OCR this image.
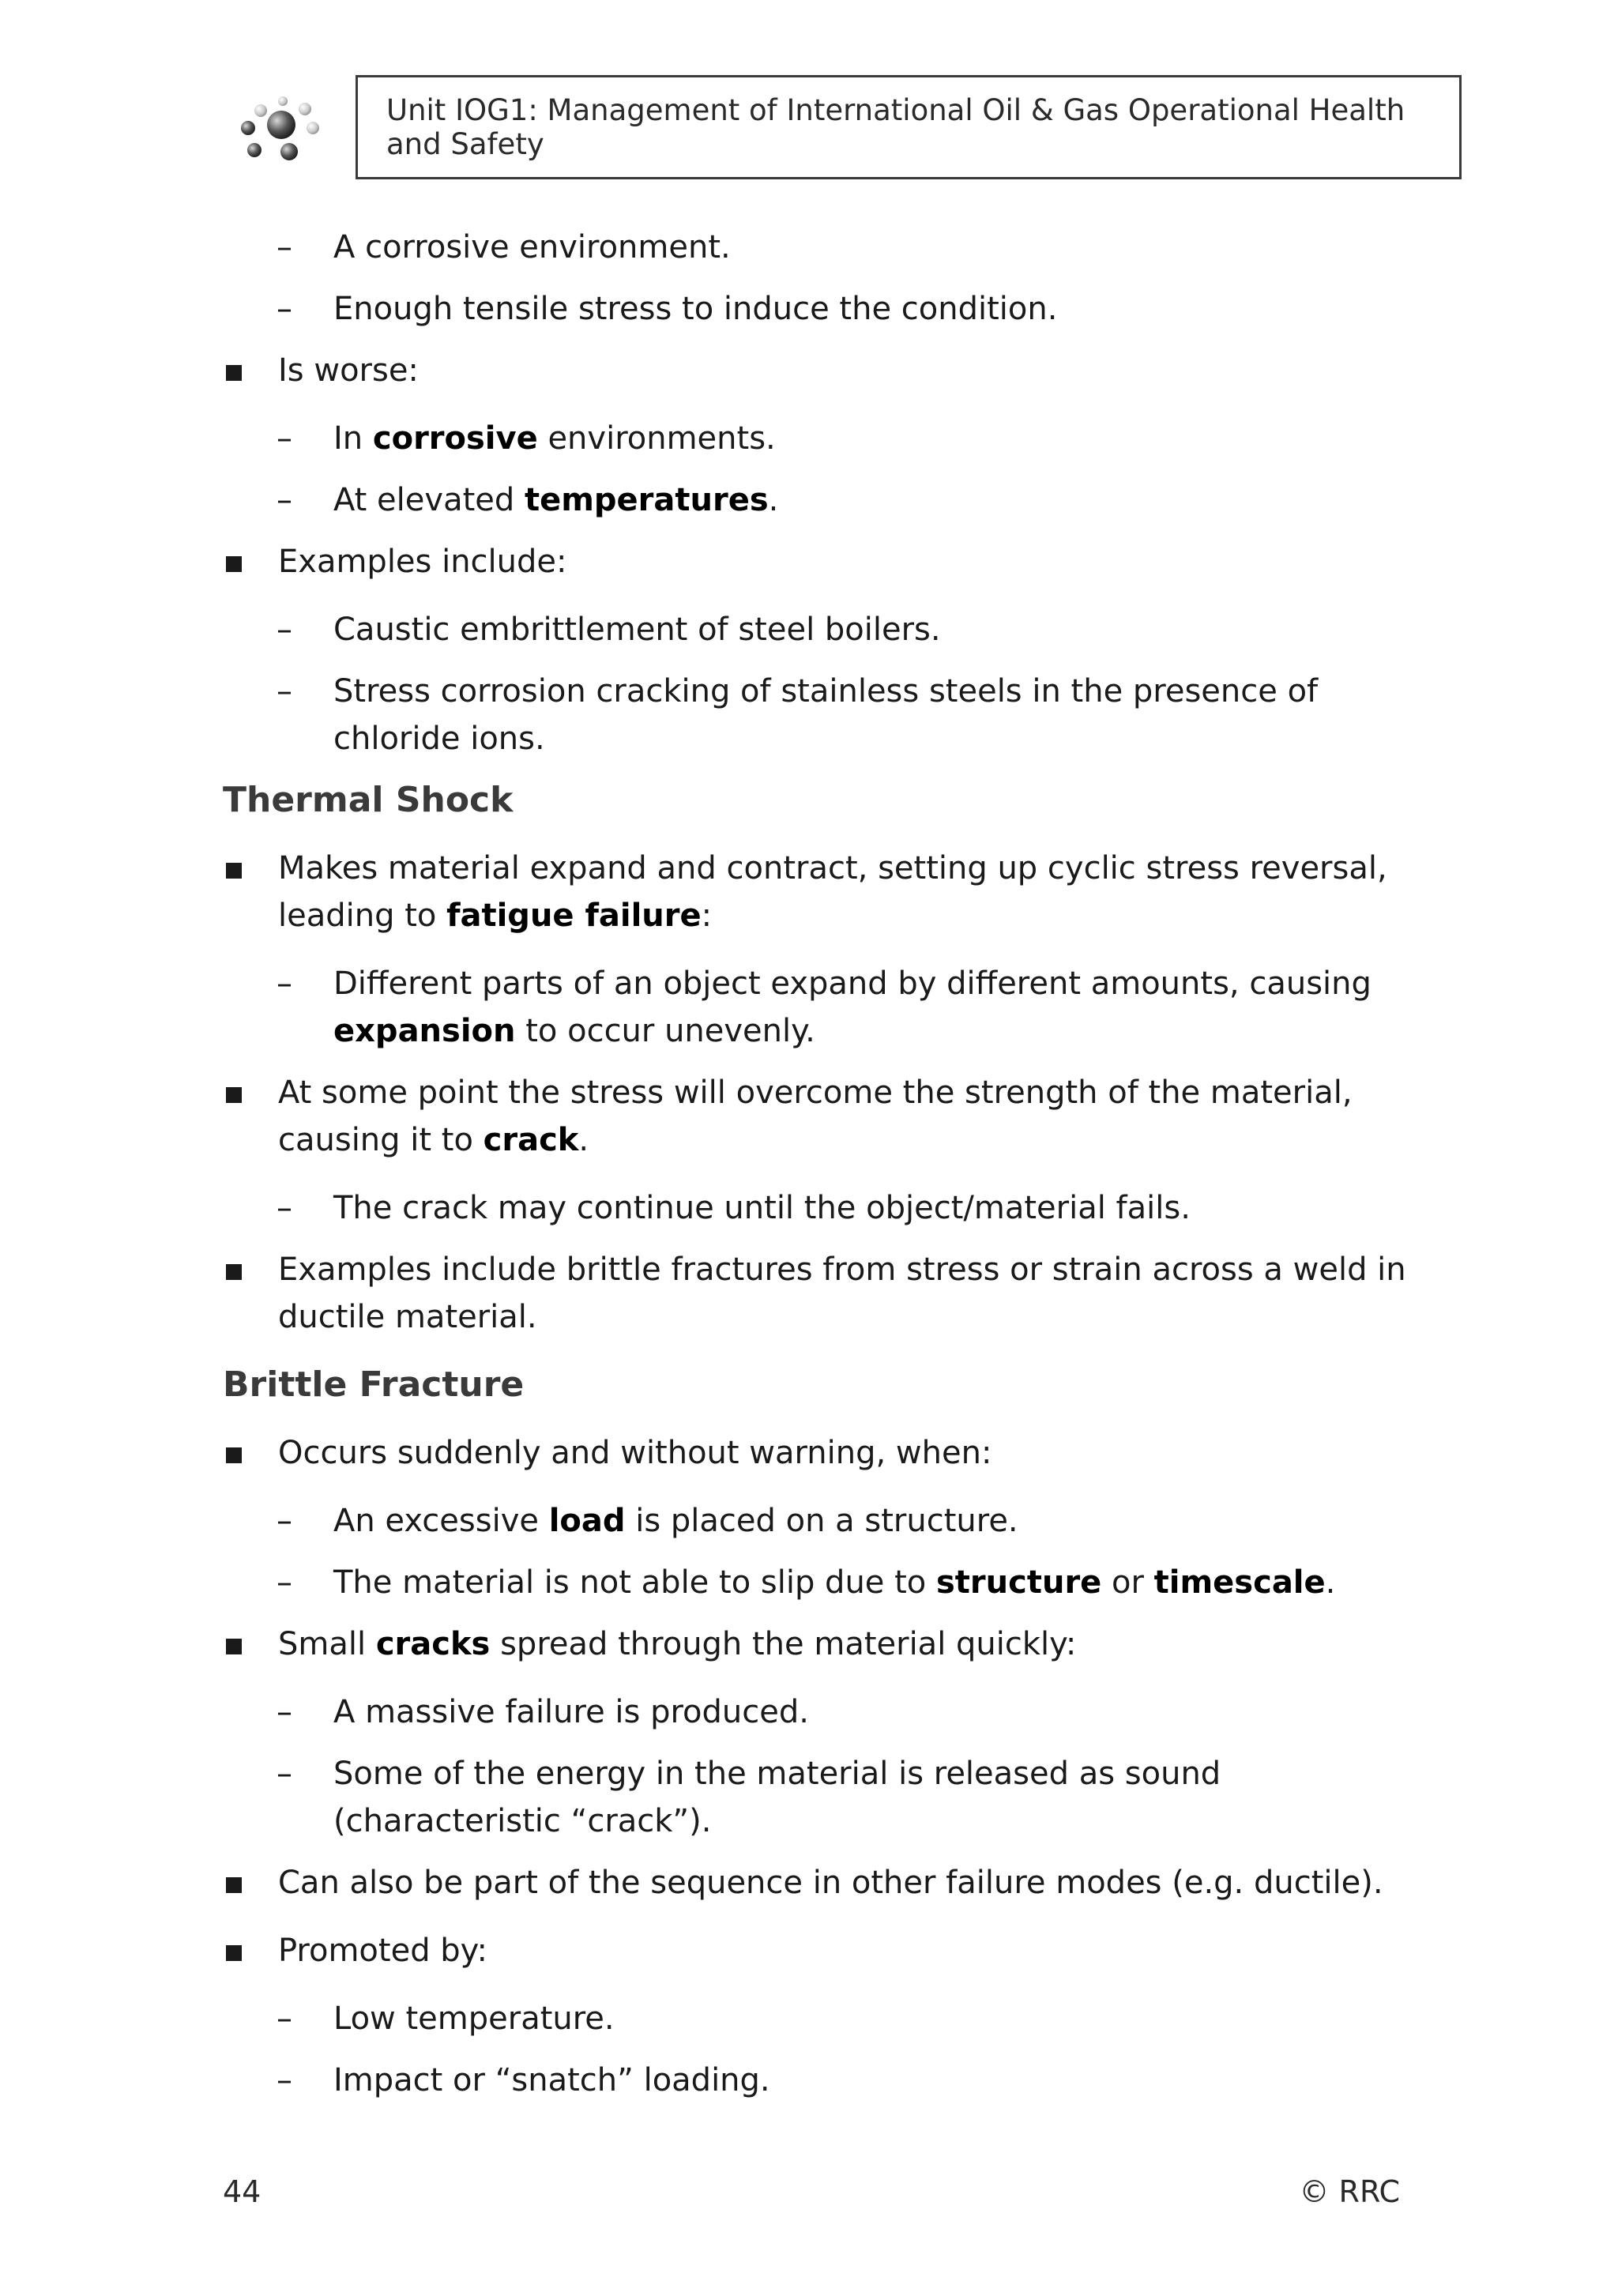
Unit IOG1: Management of International Oil & Gas Operational Health and Safety
– A corrosive environment.
– Enough tensile stress to induce the condition.
Is worse:
– In corrosive environments.
– At elevated temperatures.
Examples include:
– Caustic embrittlement of steel boilers.
– Stress corrosion cracking of stainless steels in the presence of chloride ions.
Thermal Shock
Makes material expand and contract, setting up cyclic stress reversal, leading to fatigue failure:
– Different parts of an object expand by different amounts, causing expansion to occur unevenly.
At some point the stress will overcome the strength of the material, causing it to crack.
– The crack may continue until the object/material fails.
Examples include brittle fractures from stress or strain across a weld in ductile material.
Brittle Fracture
Occurs suddenly and without warning, when:
– An excessive load is placed on a structure.
– The material is not able to slip due to structure or timescale.
Small cracks spread through the material quickly:
– A massive failure is produced.
– Some of the energy in the material is released as sound (characteristic “crack”).
Can also be part of the sequence in other failure modes (e.g. ductile).
Promoted by:
– Low temperature.
– Impact or “snatch” loading.
44	© RRC
